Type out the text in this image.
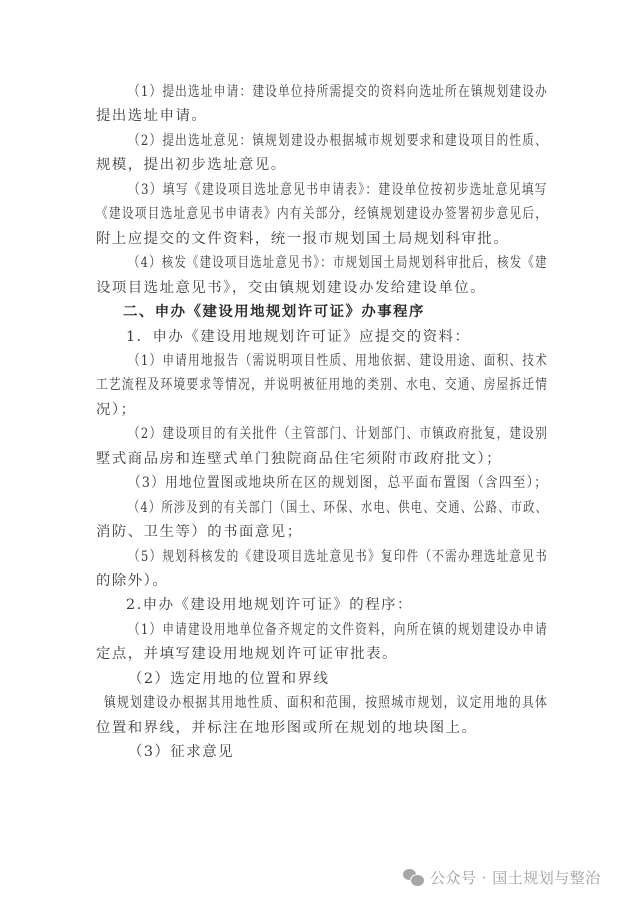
（1）提出选址申请：建设单位持所需提交的资料向选址所在镇规划建设办
提出选址申请。
（2）提出选址意见：镇规划建设办根据城市规划要求和建设项目的性质、
规模，提出初步选址意见。
（3）填写《建设项目选址意见书申请表》：建设单位按初步选址意见填写
《建设项目选址意见书申请表》内有关部分，经镇规划建设办签署初步意见后，
附上应提交的文件资料，统一报市规划国土局规划科审批。
（4）核发《建设项目选址意见书》：市规划国土局规划科审批后，核发《建
设项目选址意见书》，交由镇规划建设办发给建设单位。
二、申办《建设用地规划许可证》办事程序
1．申办《建设用地规划许可证》应提交的资料：
（1）申请用地报告（需说明项目性质、用地依据、建设用途、面积、技术
工艺流程及环境要求等情况，并说明被征用地的类别、水电、交通、房屋拆迁情
况）；
（2）建设项目的有关批件（主管部门、计划部门、市镇政府批复，建设别
墅式商品房和连壁式单门独院商品住宅须附市政府批文）；
（3）用地位置图或地块所在区的规划图，总平面布置图（含四至）；
（4）所涉及到的有关部门（国土、环保、水电、供电、交通、公路、市政、
消防、卫生等）的书面意见；
（5）规划科核发的《建设项目选址意见书》复印件（不需办理选址意见书
的除外）。
2.申办《建设用地规划许可证》的程序：
（1）申请建设用地单位备齐规定的文件资料，向所在镇的规划建设办申请
定点，并填写建设用地规划许可证审批表。
（2）选定用地的位置和界线
镇规划建设办根据其用地性质、面积和范围，按照城市规划，议定用地的具体
位置和界线，并标注在地形图或所在规划的地块图上。
（3）征求意见
公众号 · 国土规划与整治
